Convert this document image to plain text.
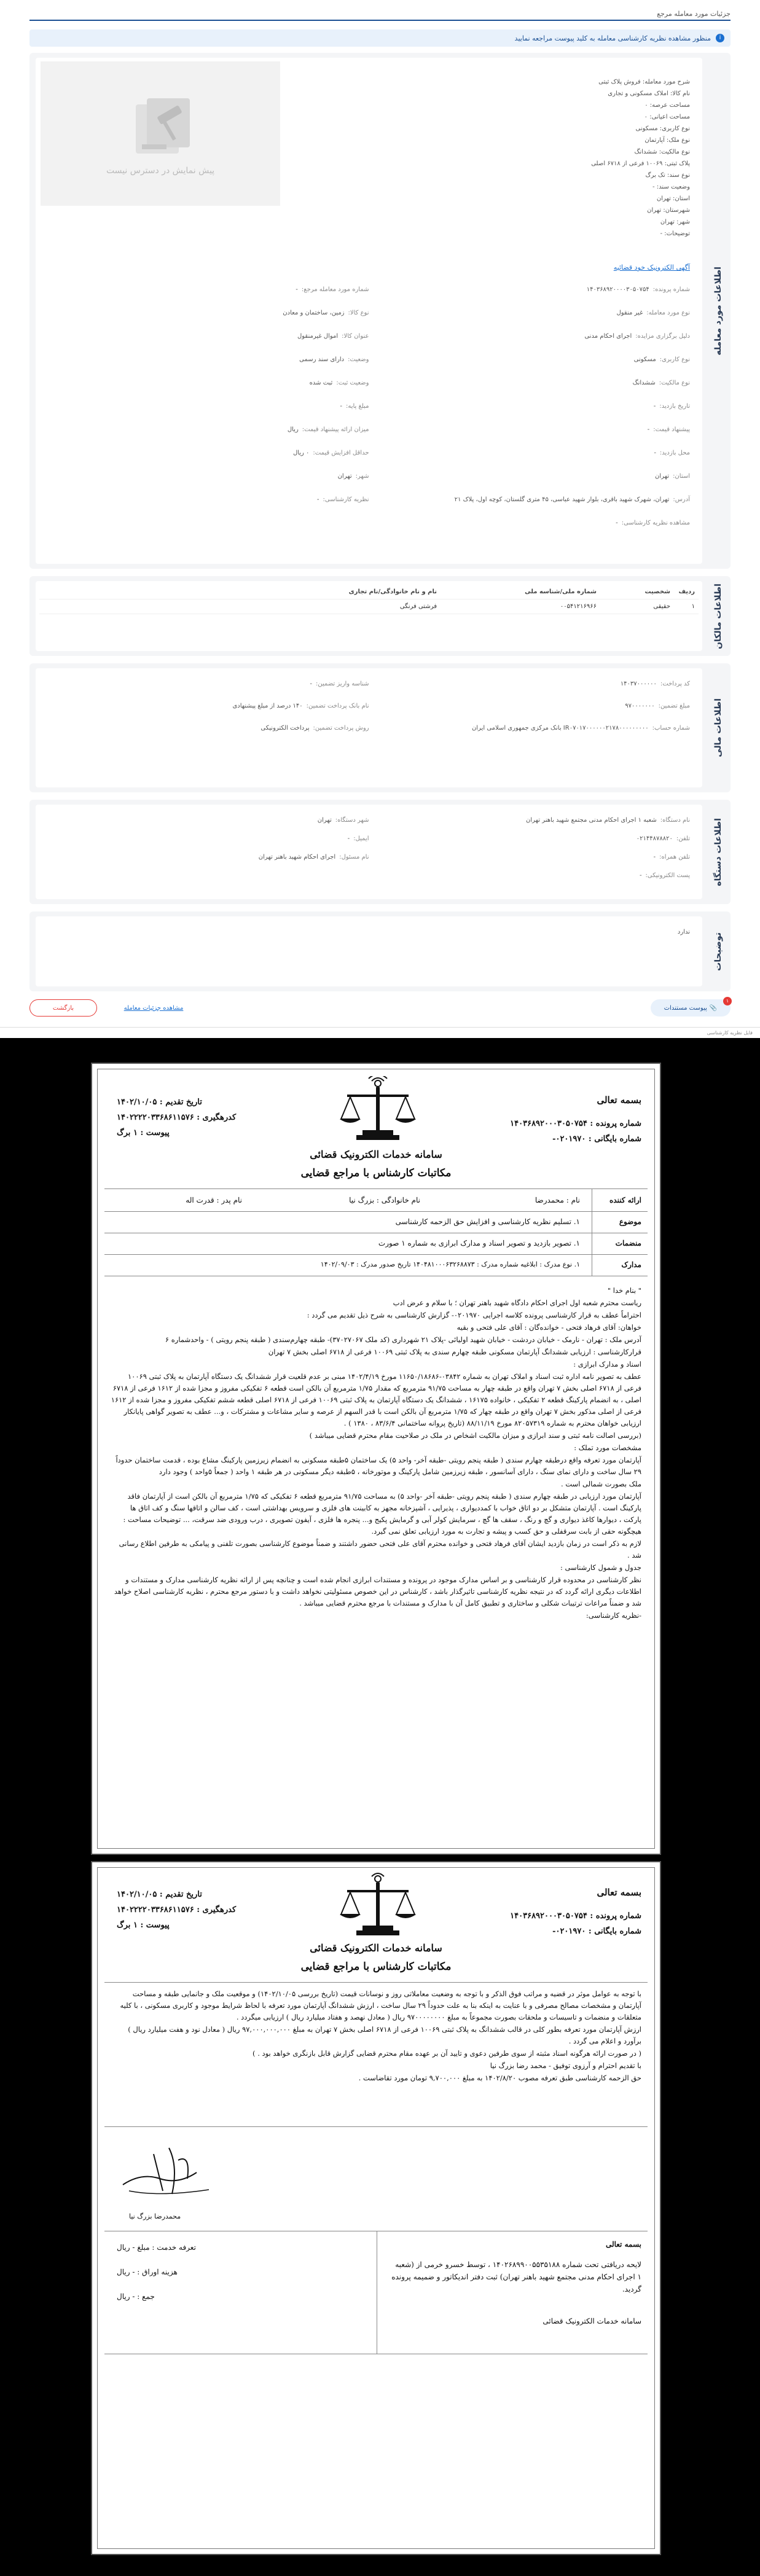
جزئیات مورد معامله مرجع
i
منظور مشاهده نظریه کارشناسی معامله به کلید پیوست مراجعه نمایید
اطلاعات مورد معامله
پیش نمایش در دسترس نیست
شرح مورد معامله: فروش پلاک ثبتی
نام کالا: املاک مسکونی و تجاری
مساحت عرصه: ۰
مساحت اعیانی: ۰
نوع کاربری: مسکونی
نوع ملک: آپارتمان
نوع مالکیت: ششدانگ
پلاک ثبتی: ۱۰۰۶۹ فرعی از ۶۷۱۸ اصلی
نوع سند: تک برگ
وضعیت سند: -
استان: تهران
شهرستان: تهران
شهر: تهران
توضیحات: -
آگهی الکترونیک خود قضائیه
شماره پرونده:
۱۴۰۳۶۸۹۲۰۰۰۰۳۰۵۰۷۵۴
شماره مورد معامله مرجع:
-
نوع مورد معامله:
غیر منقول
نوع کالا:
زمین، ساختمان و معادن
دلیل برگزاری مزایده:
اجرای احکام مدنی
عنوان کالا:
اموال غیرمنقول
نوع کاربری:
مسکونی
وضعیت:
دارای سند رسمی
نوع مالکیت:
ششدانگ
وضعیت ثبت:
ثبت شده
تاریخ بازدید:
-
مبلغ پایه:
-
پیشنهاد قیمت:
-
میزان ارائه پیشنهاد قیمت:
ریال
محل بازدید:
-
حداقل افزایش قیمت:
۰ ریال
استان:
تهران
شهر:
تهران
آدرس:
تهران، شهرک شهید باقری، بلوار شهید عباسی، ۴۵ متری گلستان، کوچه اول، پلاک ۲۱
نظریه کارشناسی:
-
مشاهده نظریه کارشناسی:
-
اطلاعات مالکان
ردیف
شخصیت
شماره ملی/شناسه ملی
نام و نام خانوادگی/نام تجاری
۱
حقیقی
۰۰۵۴۱۲۱۶۹۶۶
فرشتی فرنگی
اطلاعات مالی
کد پرداخت:
۱۴۰۳۷۰۰۰۰۰۰
شناسه واریز تضمین:
-
مبلغ تضمین:
۹۷۰۰۰۰۰۰۰
نام بانک پرداخت تضمین:
۱۴۰ درصد از مبلغ پیشنهادی
شماره حساب:
IR۰۷۰۱۷۰۰۰۰۰۰۲۱۷۸۰۰۰۰۰۰۰۰۰ بانک مرکزی جمهوری اسلامی ایران
روش پرداخت تضمین:
پرداخت الکترونیکی
اطلاعات دستگاه
نام دستگاه:
شعبه ۱ اجرای احکام مدنی مجتمع شهید باهنر تهران
شهر دستگاه:
تهران
تلفن:
۰۲۱۴۴۸۷۸۸۲۰
ایمیل:
-
تلفن همراه:
-
نام مسئول:
اجرای احکام شهید باهنر تهران
پست الکترونیکی:
-
توضیحات
ندارد
۱
📎
پیوست مستندات
بازگشت	مشاهده جزئیات معامله
فایل نظریه کارشناسی
بسمه تعالی
شماره پرونده : ۱۴۰۳۶۸۹۲۰۰۰۳۰۵۰۷۵۴
شماره بایگانی : ۰۲۰۱۹۷۰-
تاریخ تقدیم : ۱۴۰۲/۱۰/۰۵
کدرهگیری : ۱۴۰۲۲۲۲۰۳۳۶۸۶۱۱۵۷۶
پیوست : ۱ برگ
سامانه خدمات الکترونیک قضائی
مکاتبات کارشناس با مراجع قضایی
ارائه کننده
نام : محمدرضا
نام خانوادگی : بزرگ نیا
نام پدر : قدرت اله
موضوع
۱. تسلیم نظریه کارشناسی و افزایش حق الزحمه کارشناسی
منضمات
۱. تصویر بازدید و تصویر اسناد و مدارک ابرازی به شماره ۱ صورت
مدارک
۱. نوع مدرک : ابلاغیه شماره مدرک : ۱۴۰۴۸۱۰۰۰۶۳۲۶۸۸۷۳ تاریخ صدور مدرک : ۱۴۰۲/۰۹/۰۳

" بنام خدا "

ریاست محترم شعبه اول اجرای احکام دادگاه شهید باهنر تهران ؛ با سلام و عرض ادب

احتراماً عطف به قرار کارشناسی پرونده کلاسه اجرایی ۰۲۰۱۹۷۰- گزارش کارشناسی به شرح ذیل تقدیم می گردد :

خواهان: آقای فرهاد فتحی - خوانده‌گان : آقای علی فتحی و بقیه

آدرس ملک : تهران - نارمک - خیابان دردشت - خیابان شهید اولیائی -پلاک ۲۱ شهرداری (کد ملک ۳۷۰۲۷۰۶۷)- طبقه چهارم‌سندی ( طبقه پنجم رویتی ) - واحدشماره ۶

قرارکارشناسی : ارزیابی ششدانگ آپارتمان مسکونی طبقه چهارم سندی به پلاک ثبتی ۱۰۰۶۹ فرعی از ۶۷۱۸ اصلی بخش ۷ تهران

اسناد و مدارک ابرازی :

عطف به تصویر نامه اداره ثبت اسناد و املاک تهران به شماره ۰۳۸۴۲-۱۱۶۵۰/۱۸۶۸۶ مورخ ۱۴۰۲/۴/۱۹ مبنی بر عدم قلعیت قرار ششدانگ یک دستگاه آپارتمان به پلاک ثبتی ۱۰۰۶۹ فرعی از ۶۷۱۸ اصلی بخش ۷ تهران واقع در طبقه چهار به مساحت ۹۱/۷۵ مترمربع که مقدار ۱/۷۵ مترمربع آن بالکن است قطعه ۶ تفکیکی مفروز و مجزا شده از ۱۶۱۲ فرعی از ۶۷۱۸ اصلی ، به انضمام پارکینگ قطعه ۲ تفکیکی ، خانواده ۱۶۱۷۵ ، ششدانگ یک دستگاه آپارتمان به پلاک ثبتی ۱۰۰۶۹ فرعی از ۶۷۱۸ اصلی قطعه ششم تفکیکی مفروز و مجزا شده از ۱۶۱۲ فرعی از اصلی مذکور بخش ۷ تهران واقع در طبقه چهار که ۱/۷۵ مترمربع آن بالکن است با قدر السهم از عرصه و سایر مشاعات و مشترکات ، و... عطف به تصویر گواهی پایانکار ارزیابی خواهان محترم به شماره ۸۲۰۵۷۳۱۹ مورخ ۸۸/۱۱/۱۹ (تاریخ پروانه ساختمانی ۸۳/۶/۴ ، ۱۳۸۰ ) .

(بررسی اصالت نامه ثبتی و سند ابرازی و میزان مالکیت اشخاص در ملک در صلاحیت مقام محترم قضایی میباشد )

مشخصات مورد تملک :

آپارتمان مورد تعرفه واقع درطبقه چهارم سندی ( طبقه پنجم رویتی -طبقه آخر- واحد ۵) یک ساختمان ۵طبقه مسکونی به انضمام زیرزمین پارکینگ مشاع بوده ، قدمت ساختمان حدوداً ۲۹ سال ساخت و دارای نمای سنگ ، دارای آسانسور ، طبقه زیرزمین شامل پارکینگ و موتورخانه ، ۵طبقه دیگر مسکونی در هر طبقه ۱ واحد ( جمعاً ۵واحد ) وجود دارد

ملک بصورت شمالی است .

آپارتمان مورد ارزیابی در طبقه چهارم سندی ( طبقه پنجم رویتی -طبقه آخر -واحد ۵) به مساحت ۹۱/۷۵ مترمربع قطعه ۶ تفکیکی که ۱/۷۵ مترمربع آن بالکن است از آپارتمان فاقد پارکینگ است . آپارتمان متشکل بر دو اتاق خواب با کمددیواری ، پذیرایی ، آشپزخانه مجهز به کابینت های فلزی و سرویس بهداشتی است ، کف سالن و اتاقها سنگ و کف اتاق ها پارکت ، دیوارها کاغذ دیواری و گچ و رنگ ، سقف ها گچ ، سرمایش کولر آبی و گرمایش پکیج و... پنجره ها فلزی ، آیفون تصویری ، درب ورودی ضد سرقت، ... توضیحات مساحت : هیچگونه حقی از بابت سرقفلی و حق کسب و پیشه و تجارت به مورد ارزیابی تعلق نمی گیرد.

لازم به ذکر است در زمان بازدید ایشان آقای فرهاد فتحی و خوانده محترم آقای علی فتحی حضور داشتند و ضمناً موضوع کارشناسی بصورت تلفنی و پیامکی به طرفین اطلاع رسانی شد .

جدول و شمول کارشناسی :

نظر کارشناسی در محدوده قرار کارشناسی و بر اساس مدارک موجود در پرونده و مستندات ابرازی انجام شده است و چنانچه پس از ارائه نظریه کارشناسی مدارک و مستندات و اطلاعات دیگری ارائه گردد که در نتیجه نظریه کارشناسی تاثیرگذار باشد ، کارشناس در این خصوص مسئولیتی نخواهد داشت و با دستور مرجع محترم ، نظریه کارشناسی اصلاح خواهد شد و ضمناً مراعات ترتیبات شکلی و ساختاری و تطبیق کامل آن با مدارک و مستندات با مرجع محترم قضایی میباشد .

-نظریه کارشناسی:

بسمه تعالی
شماره پرونده : ۱۴۰۳۶۸۹۲۰۰۰۳۰۵۰۷۵۴
شماره بایگانی : ۰۲۰۱۹۷۰-
تاریخ تقدیم : ۱۴۰۲/۱۰/۰۵
کدرهگیری : ۱۴۰۲۲۲۲۰۳۳۶۸۶۱۱۵۷۶
پیوست : ۱ برگ
سامانه خدمات الکترونیک قضائی
مکاتبات کارشناس با مراجع قضایی

با توجه به عوامل موثر در قضیه و مراتب فوق الذکر و با توجه به وضعیت معاملاتی روز و نوسانات قیمت (تاریخ بررسی ۱۴۰۲/۱۰/۰۵) و موقعیت ملک و جانمایی طبقه و مساحت آپارتمان و مشخصات مصالح مصرفی و با عنایت به اینکه بنا به علت حدوداً ۲۹ سال ساخت ، ارزش ششدانگ آپارتمان مورد تعرفه با لحاظ شرایط موجود و کاربری مسکونی ، با کلیه متعلقات و منضمات و تاسیسات و ملحقات بصورت مجموعاً به مبلغ ۹۷۰۰۰۰۰۰۰۰ ریال ( معادل نهصد و هفتاد میلیارد ریال ) ارزیابی میگردد .

ارزش آپارتمان مورد تعرفه بطور کلی در قالب ششدانگ به پلاک ثبتی ۱۰۰۶۹ فرعی از ۶۷۱۸ اصلی بخش ۷ تهران به مبلغ ۹۷,۰۰۰,۰۰۰,۰۰۰ ریال ( معادل نود و هفت میلیارد ریال ) برآورد و اعلام می گردد .

( در صورت ارائه هرگونه اسناد مثبته از سوی طرفین دعوی و تایید آن بر عهده مقام محترم قضایی گزارش قابل بازنگری خواهد بود . )

با تقدیم احترام و آرزوی توفیق - محمد رضا بزرگ نیا

حق الزحمه کارشناسی طبق تعرفه مصوب ۱۴۰۲/۸/۲۰ به مبلغ ۹,۷۰۰,۰۰۰ تومان مورد تقاضاست .

محمدرضا بزرگ نیا
تعرفه خدمت : مبلغ - ریال
هزینه اوراق : - ریال
جمع : - ریال
بسمه تعالی
لایحه دریافتی تحت شماره ۱۴۰۲۶۸۹۹۰۰۵۵۳۵۱۸۸ ، توسط خسرو خرمی از (شعبه ۱ اجرای احکام مدنی مجتمع شهید باهنر تهران) ثبت دفتر اندیکاتور و ضمیمه پرونده گردید.
سامانه خدمات الکترونیک قضائی
